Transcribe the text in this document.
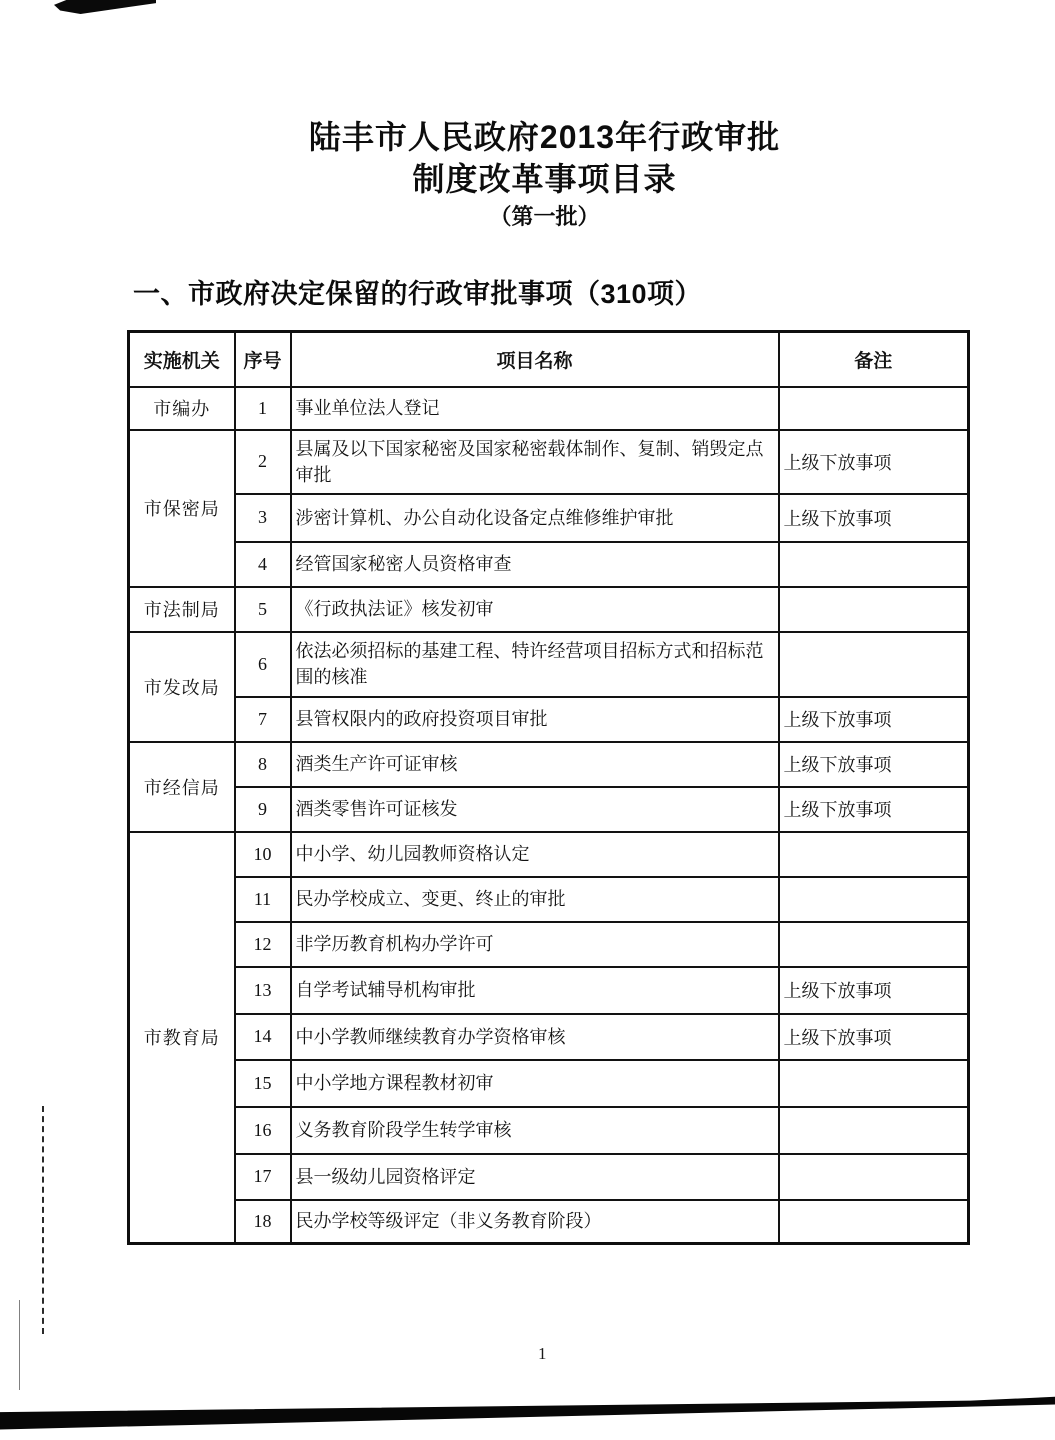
陆丰市人民政府2013年行政审批
制度改革事项目录
（第一批）
一、市政府决定保留的行政审批事项（310项）
实施机关	序号	项目名称	备注
市编办	1	事业单位法人登记	
市保密局	2	县属及以下国家秘密及国家秘密载体制作、复制、销毁定点审批	上级下放事项
	3	涉密计算机、办公自动化设备定点维修维护审批	上级下放事项
	4	经管国家秘密人员资格审查	
市法制局	5	《行政执法证》核发初审	
市发改局	6	依法必须招标的基建工程、特许经营项目招标方式和招标范围的核准	
	7	县管权限内的政府投资项目审批	上级下放事项
市经信局	8	酒类生产许可证审核	上级下放事项
	9	酒类零售许可证核发	上级下放事项
市教育局	10	中小学、幼儿园教师资格认定	
	11	民办学校成立、变更、终止的审批	
	12	非学历教育机构办学许可	
	13	自学考试辅导机构审批	上级下放事项
	14	中小学教师继续教育办学资格审核	上级下放事项
	15	中小学地方课程教材初审	
	16	义务教育阶段学生转学审核	
	17	县一级幼儿园资格评定	
	18	民办学校等级评定（非义务教育阶段）	
1
